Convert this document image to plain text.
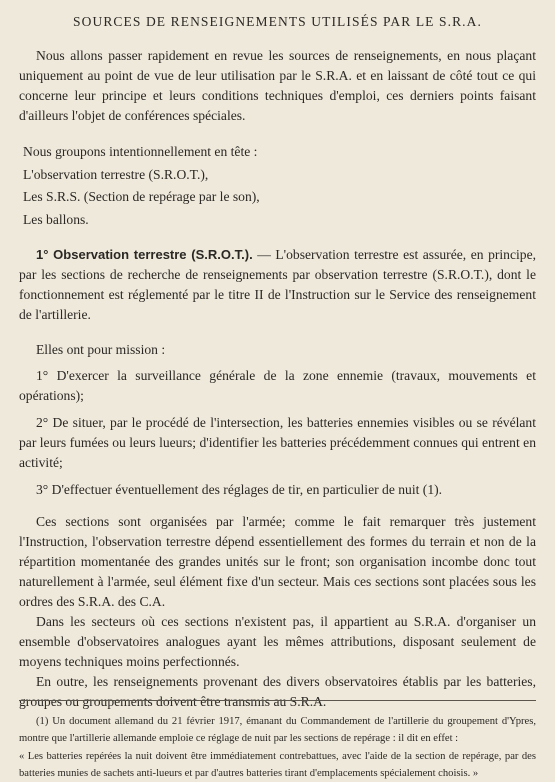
SOURCES DE RENSEIGNEMENTS UTILISÉS PAR LE S.R.A.

Nous allons passer rapidement en revue les sources de renseignements, en nous plaçant uniquement au point de vue de leur utilisation par le S.R.A. et en laissant de côté tout ce qui concerne leur principe et leurs conditions techniques d'emploi, ces derniers points faisant d'ailleurs l'objet de conférences spéciales.

Nous groupons intentionnellement en tête :
L'observation terrestre (S.R.O.T.),
Les S.R.S. (Section de repérage par le son),
Les ballons.

1° Observation terrestre (S.R.O.T.). — L'observation terrestre est assurée, en principe, par les sections de recherche de renseignements par observation terrestre (S.R.O.T.), dont le fonctionnement est réglementé par le titre II de l'Instruction sur le Service des renseignement de l'artillerie.

Elles ont pour mission :

1° D'exercer la surveillance générale de la zone ennemie (travaux, mouvements et opérations);

2° De situer, par le procédé de l'intersection, les batteries ennemies visibles ou se révélant par leurs fumées ou leurs lueurs; d'identifier les batteries précédemment connues qui entrent en activité;

3° D'effectuer éventuellement des réglages de tir, en particulier de nuit (1).

Ces sections sont organisées par l'armée; comme le fait remarquer très justement l'Instruction, l'observation terrestre dépend essentiellement des formes du terrain et non de la répartition momentanée des grandes unités sur le front; son organisation incombe donc tout naturellement à l'armée, seul élément fixe d'un secteur. Mais ces sections sont placées sous les ordres des S.R.A. des C.A.

Dans les secteurs où ces sections n'existent pas, il appartient au S.R.A. d'organiser un ensemble d'observatoires analogues ayant les mêmes attributions, disposant seulement de moyens techniques moins perfectionnés.

En outre, les renseignements provenant des divers observatoires établis par les batteries, groupes ou groupements doivent être transmis au S.R.A.

(1) Un document allemand du 21 février 1917, émanant du Commandement de l'artillerie du groupement d'Ypres, montre que l'artillerie allemande emploie ce réglage de nuit par les sections de repérage : il dit en effet :

« Les batteries repérées la nuit doivent être immédiatement contrebattues, avec l'aide de la section de repérage, par des batteries munies de sachets anti-lueurs et par d'autres batteries tirant d'emplacements spécialement choisis. »
